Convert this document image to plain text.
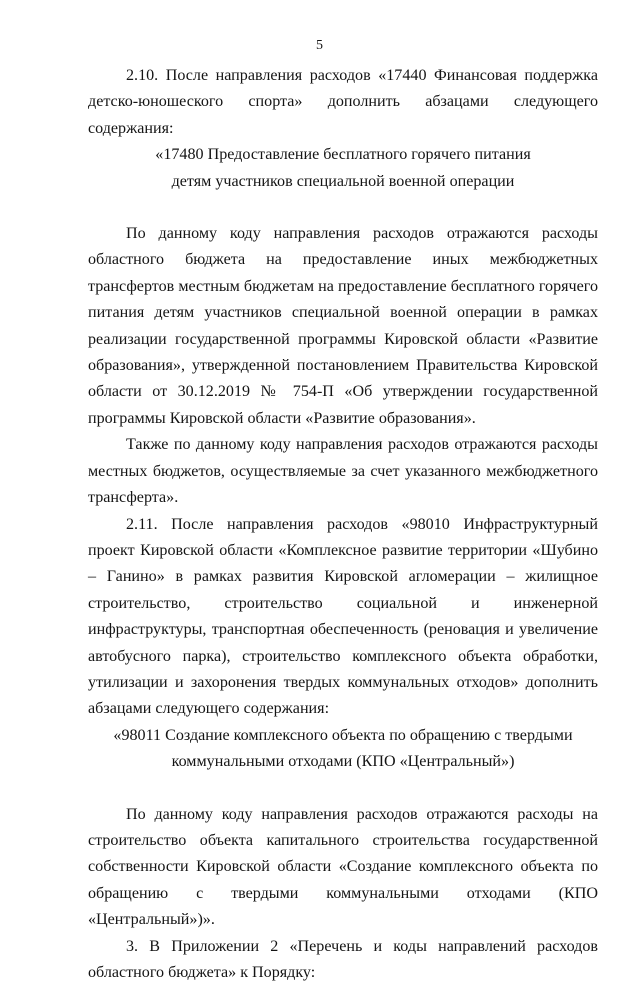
5

2.10. После направления расходов «17440 Финансовая поддержка детско-юношеского спорта» дополнить абзацами следующего содержания:

«17480 Предоставление бесплатного горячего питания

детям участников специальной военной операции

По данному коду направления расходов отражаются расходы областного бюджета на предоставление иных межбюджетных трансфертов местным бюджетам на предоставление бесплатного горячего питания детям участников специальной военной операции в рамках реализации государственной программы Кировской области «Развитие образования», утвержденной постановлением Правительства Кировской области от 30.12.2019 № 754-П «Об утверждении государственной программы Кировской области «Развитие образования».

Также по данному коду направления расходов отражаются расходы местных бюджетов, осуществляемые за счет указанного межбюджетного трансферта».

2.11. После направления расходов «98010 Инфраструктурный проект Кировской области «Комплексное развитие территории «Шубино – Ганино» в рамках развития Кировской агломерации – жилищное строительство, строительство социальной и инженерной инфраструктуры, транспортная обеспеченность (реновация и увеличение автобусного парка), строительство комплексного объекта обработки, утилизации и захоронения твердых коммунальных отходов» дополнить абзацами следующего содержания:

«98011 Создание комплексного объекта по обращению с твердыми

коммунальными отходами (КПО «Центральный»)

По данному коду направления расходов отражаются расходы на строительство объекта капитального строительства государственной собственности Кировской области «Создание комплексного объекта по обращению с твердыми коммунальными отходами (КПО «Центральный»)».

3. В Приложении 2 «Перечень и коды направлений расходов областного бюджета» к Порядку:
